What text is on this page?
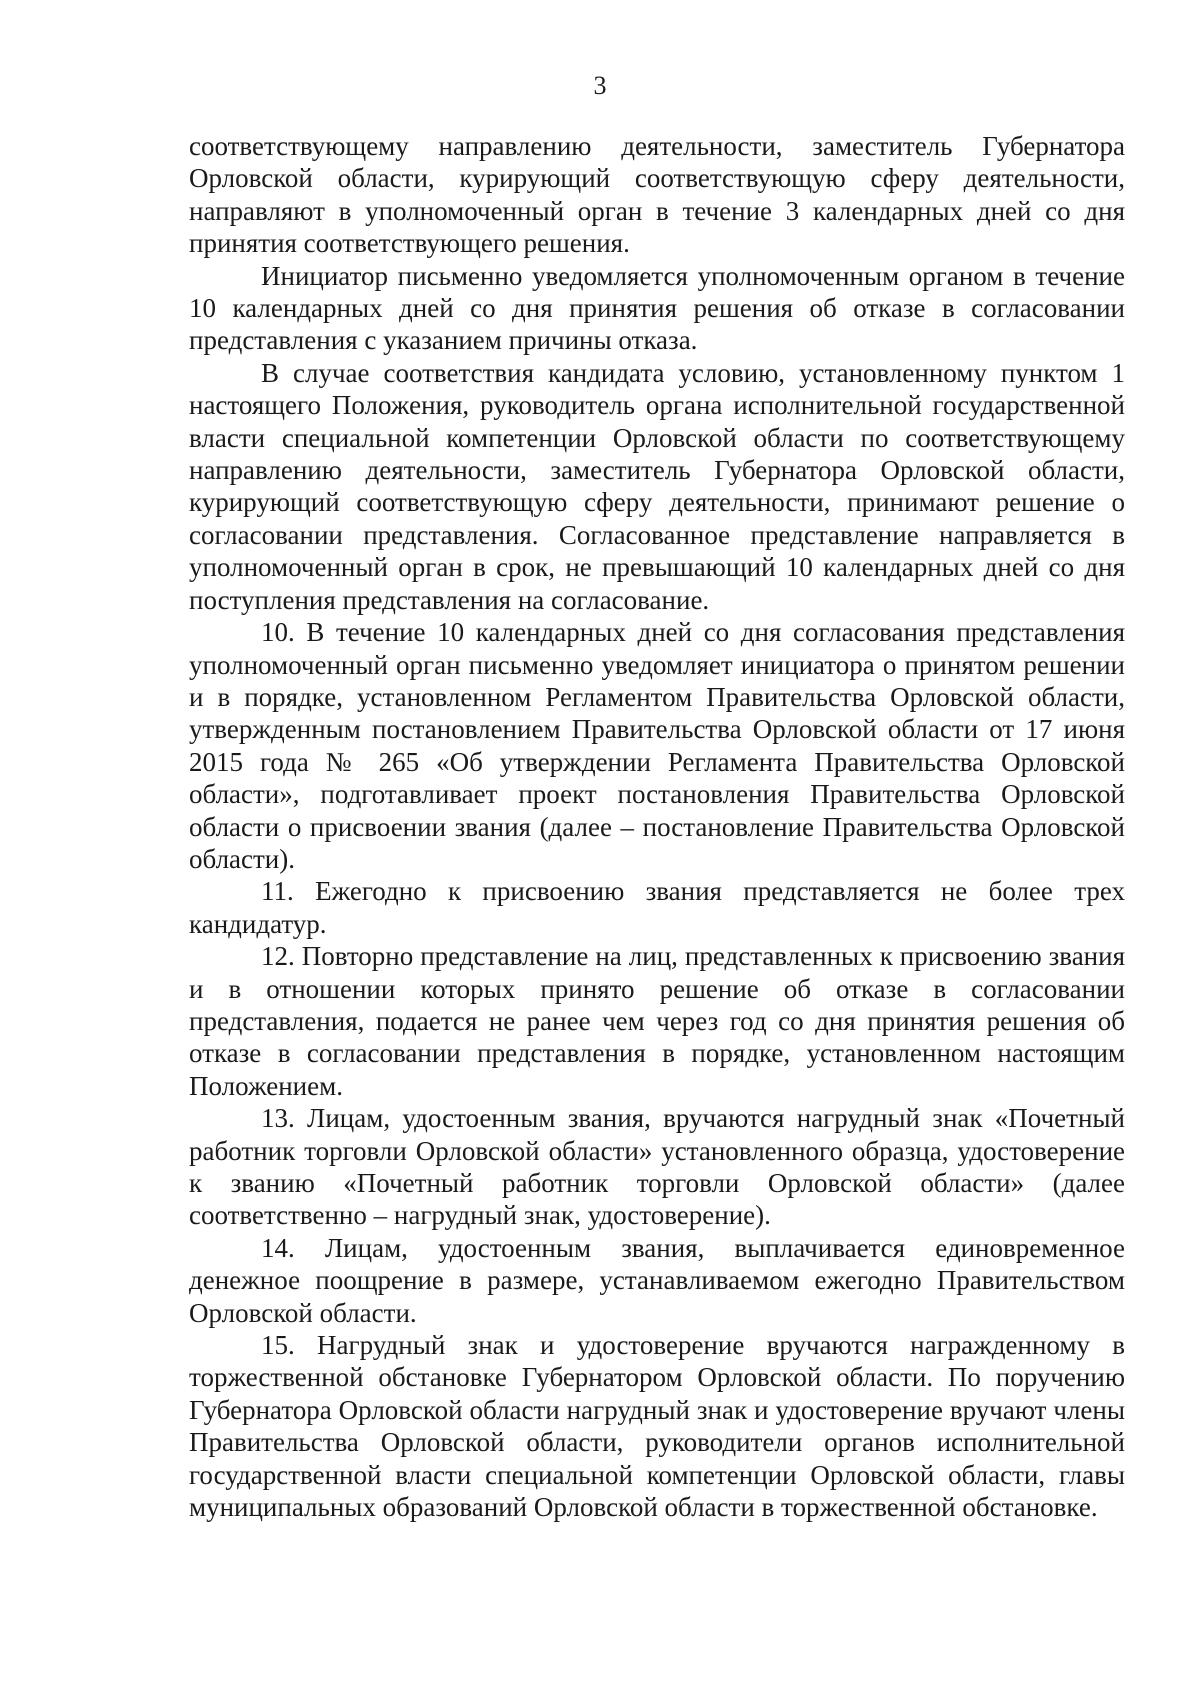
3

соответствующему направлению деятельности, заместитель Губернатора Орловской области, курирующий соответствующую сферу деятельности, направляют в уполномоченный орган в течение 3 календарных дней со дня принятия соответствующего решения.

Инициатор письменно уведомляется уполномоченным органом в течение 10 календарных дней со дня принятия решения об отказе в согласовании представления с указанием причины отказа.

В случае соответствия кандидата условию, установленному пунктом 1 настоящего Положения, руководитель органа исполнительной государственной власти специальной компетенции Орловской области по соответствующему направлению деятельности, заместитель Губернатора Орловской области, курирующий соответствующую сферу деятельности, принимают решение о согласовании представления. Согласованное представление направляется в уполномоченный орган в срок, не превышающий 10 календарных дней со дня поступления представления на согласование.

10. В течение 10 календарных дней со дня согласования представления уполномоченный орган письменно уведомляет инициатора о принятом решении и в порядке, установленном Регламентом Правительства Орловской области, утвержденным постановлением Правительства Орловской области от 17 июня 2015 года № 265 «Об утверждении Регламента Правительства Орловской области», подготавливает проект постановления Правительства Орловской области о присвоении звания (далее – постановление Правительства Орловской области).

11. Ежегодно к присвоению звания представляется не более трех кандидатур.

12. Повторно представление на лиц, представленных к присвоению звания и в отношении которых принято решение об отказе в согласовании представления, подается не ранее чем через год со дня принятия решения об отказе в согласовании представления в порядке, установленном настоящим Положением.

13. Лицам, удостоенным звания, вручаются нагрудный знак «Почетный работник торговли Орловской области» установленного образца, удостоверение к званию «Почетный работник торговли Орловской области» (далее соответственно – нагрудный знак, удостоверение).

14. Лицам, удостоенным звания, выплачивается единовременное денежное поощрение в размере, устанавливаемом ежегодно Правительством Орловской области.

15. Нагрудный знак и удостоверение вручаются награжденному в торжественной обстановке Губернатором Орловской области. По поручению Губернатора Орловской области нагрудный знак и удостоверение вручают члены Правительства Орловской области, руководители органов исполнительной государственной власти специальной компетенции Орловской области, главы муниципальных образований Орловской области в торжественной обстановке.
